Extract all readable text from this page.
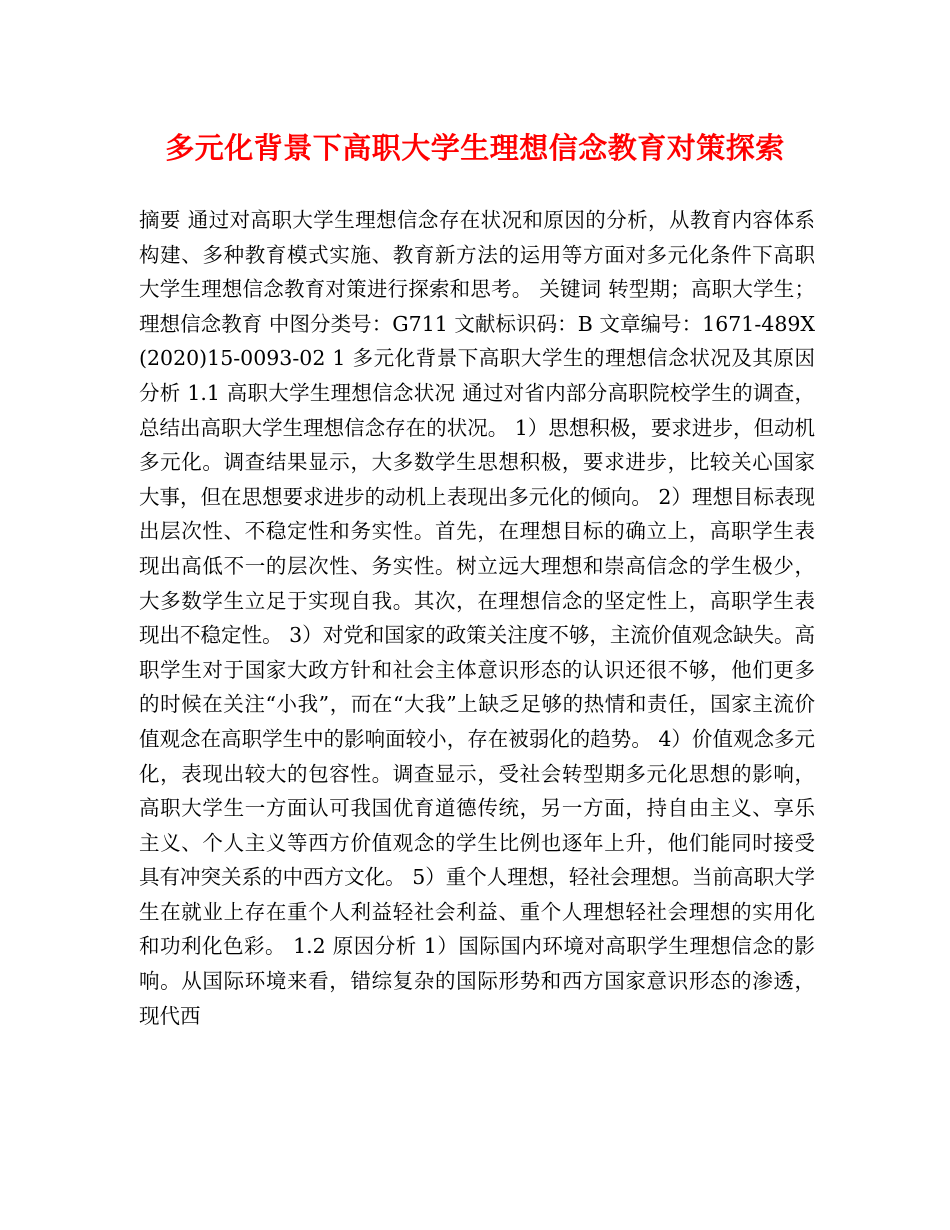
多元化背景下高职大学生理想信念教育对策探索

摘要 通过对高职大学生理想信念存在状况和原因的分析，从教育内容体系构建、多种教育模式实施、教育新方法的运用等方面对多元化条件下高职大学生理想信念教育对策进行探索和思考。 关键词 转型期；高职大学生；理想信念教育 中图分类号：G711 文献标识码：B 文章编号：1671-489X(2020)15-0093-02 1 多元化背景下高职大学生的理想信念状况及其原因分析 1.1 高职大学生理想信念状况 通过对省内部分高职院校学生的调查，总结出高职大学生理想信念存在的状况。 1）思想积极，要求进步，但动机多元化。调查结果显示，大多数学生思想积极，要求进步，比较关心国家大事，但在思想要求进步的动机上表现出多元化的倾向。 2）理想目标表现出层次性、不稳定性和务实性。首先，在理想目标的确立上，高职学生表现出高低不一的层次性、务实性。树立远大理想和崇高信念的学生极少，大多数学生立足于实现自我。其次，在理想信念的坚定性上，高职学生表现出不稳定性。 3）对党和国家的政策关注度不够，主流价值观念缺失。高职学生对于国家大政方针和社会主体意识形态的认识还很不够，他们更多的时候在关注“小我”，而在“大我”上缺乏足够的热情和责任，国家主流价值观念在高职学生中的影响面较小，存在被弱化的趋势。 4）价值观念多元化，表现出较大的包容性。调查显示，受社会转型期多元化思想的影响，高职大学生一方面认可我国优育道德传统，另一方面，持自由主义、享乐主义、个人主义等西方价值观念的学生比例也逐年上升，他们能同时接受具有冲突关系的中西方文化。 5）重个人理想，轻社会理想。当前高职大学生在就业上存在重个人利益轻社会利益、重个人理想轻社会理想的实用化和功利化色彩。 1.2 原因分析 1）国际国内环境对高职学生理想信念的影响。从国际环境来看，错综复杂的国际形势和西方国家意识形态的渗透，现代西
